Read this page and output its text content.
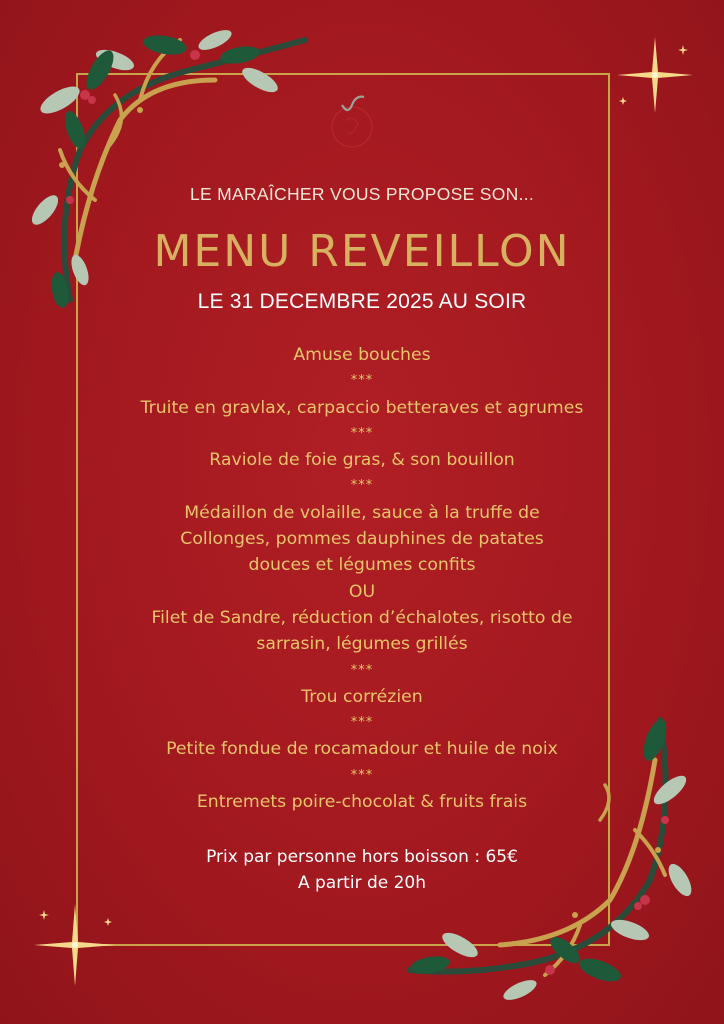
LE MARAÎCHER VOUS PROPOSE SON...
MENU REVEILLON
LE 31 DECEMBRE 2025 AU SOIR
Amuse bouches
***
Truite en gravlax, carpaccio betteraves et agrumes
***
Raviole de foie gras, & son bouillon
***
Médaillon de volaille, sauce à la truffe de
Collonges, pommes dauphines de patates
douces et légumes confits
OU
Filet de Sandre, réduction d’échalotes, risotto de
sarrasin, légumes grillés
***
Trou corrézien
***
Petite fondue de rocamadour et huile de noix
***
Entremets poire-chocolat & fruits frais
Prix par personne hors boisson : 65€
A partir de 20h
